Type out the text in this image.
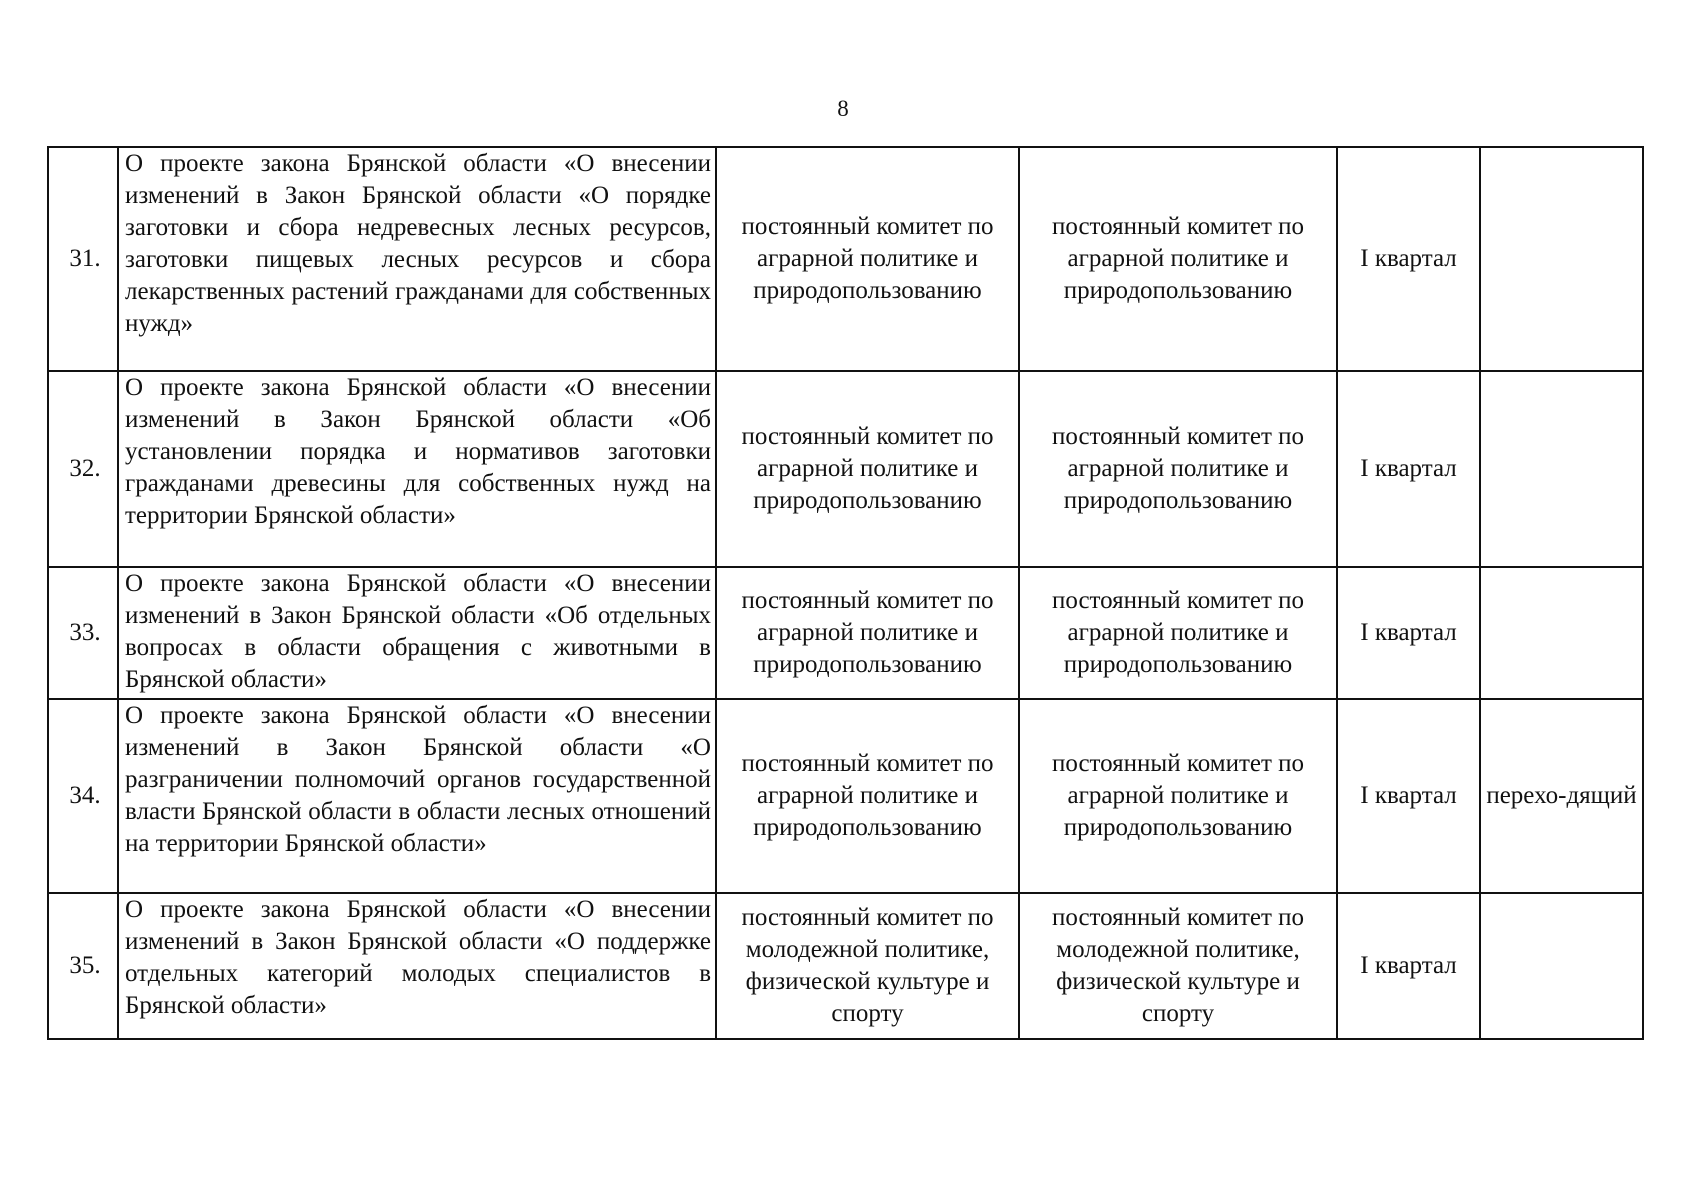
8
31.	О проекте закона Брянской области «О внесении изменений в Закон Брянской области «О порядке заготовки и сбора недревесных лесных ресурсов, заготовки пищевых лесных ресурсов и сбора лекарственных растений гражданами для собственных нужд»	постоянный комитет по аграрной политике и природопользованию	постоянный комитет по аграрной политике и природопользованию	I квартал	
32.	О проекте закона Брянской области «О внесении изменений в Закон Брянской области «Об установлении порядка и нормативов заготовки гражданами древесины для собственных нужд на территории Брянской области»	постоянный комитет по аграрной политике и природопользованию	постоянный комитет по аграрной политике и природопользованию	I квартал	
33.	О проекте закона Брянской области «О внесении изменений в Закон Брянской области «Об отдельных вопросах в области обращения с животными в Брянской области»	постоянный комитет по аграрной политике и природопользованию	постоянный комитет по аграрной политике и природопользованию	I квартал	
34.	О проекте закона Брянской области «О внесении изменений в Закон Брянской области «О разграничении полномочий органов государственной власти Брянской области в области лесных отношений на территории Брянской области»	постоянный комитет по аграрной политике и природопользованию	постоянный комитет по аграрной политике и природопользованию	I квартал	перехо-дящий
35.	О проекте закона Брянской области «О внесении изменений в Закон Брянской области «О поддержке отдельных категорий молодых специалистов в Брянской области»	постоянный комитет по молодежной политике, физической культуре и спорту	постоянный комитет по молодежной политике, физической культуре и спорту	I квартал	
